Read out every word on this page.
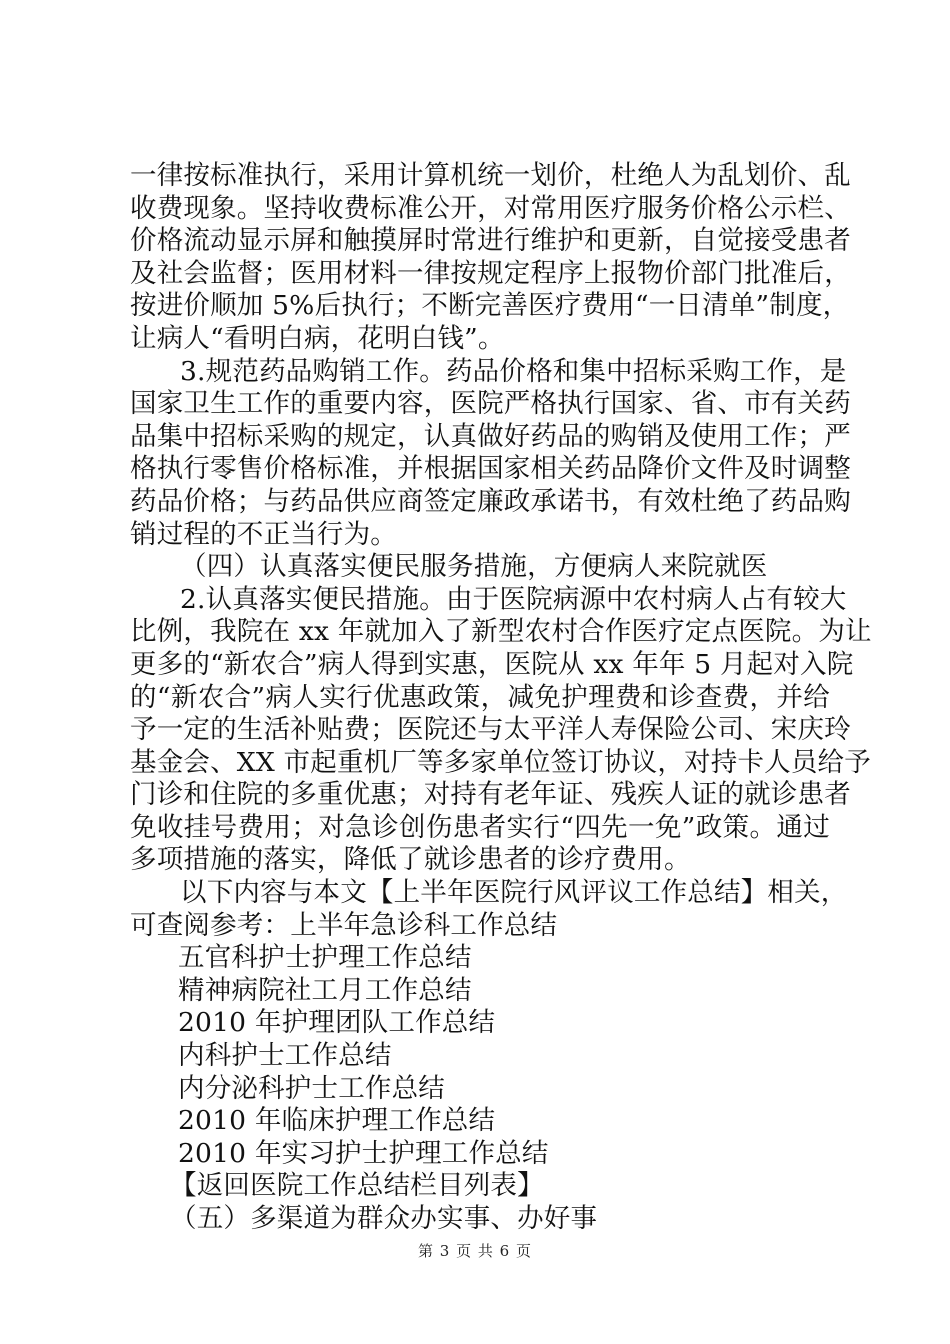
一律按标准执行，采用计算机统一划价，杜绝人为乱划价、乱
收费现象。坚持收费标准公开，对常用医疗服务价格公示栏、
价格流动显示屏和触摸屏时常进行维护和更新，自觉接受患者
及社会监督；医用材料一律按规定程序上报物价部门批准后，
按进价顺加 5%后执行；不断完善医疗费用“一日清单”制度，
让病人“看明白病，花明白钱”。
3.规范药品购销工作。药品价格和集中招标采购工作，是
国家卫生工作的重要内容，医院严格执行国家、省、市有关药
品集中招标采购的规定，认真做好药品的购销及使用工作；严
格执行零售价格标准，并根据国家相关药品降价文件及时调整
药品价格；与药品供应商签定廉政承诺书，有效杜绝了药品购
销过程的不正当行为。
（四）认真落实便民服务措施，方便病人来院就医
2.认真落实便民措施。由于医院病源中农村病人占有较大
比例，我院在 xx 年就加入了新型农村合作医疗定点医院。为让
更多的“新农合”病人得到实惠，医院从 xx 年年 5 月起对入院
的“新农合”病人实行优惠政策，减免护理费和诊查费，并给
予一定的生活补贴费；医院还与太平洋人寿保险公司、宋庆玲
基金会、XX 市起重机厂等多家单位签订协议，对持卡人员给予
门诊和住院的多重优惠；对持有老年证、残疾人证的就诊患者
免收挂号费用；对急诊创伤患者实行“四先一免”政策。通过
多项措施的落实，降低了就诊患者的诊疗费用。
以下内容与本文【上半年医院行风评议工作总结】相关，
可查阅参考：上半年急诊科工作总结
五官科护士护理工作总结
精神病院社工月工作总结
2010 年护理团队工作总结
内科护士工作总结
内分泌科护士工作总结
2010 年临床护理工作总结
2010 年实习护士护理工作总结
【返回医院工作总结栏目列表】
（五）多渠道为群众办实事、办好事
第 3 页 共 6 页
